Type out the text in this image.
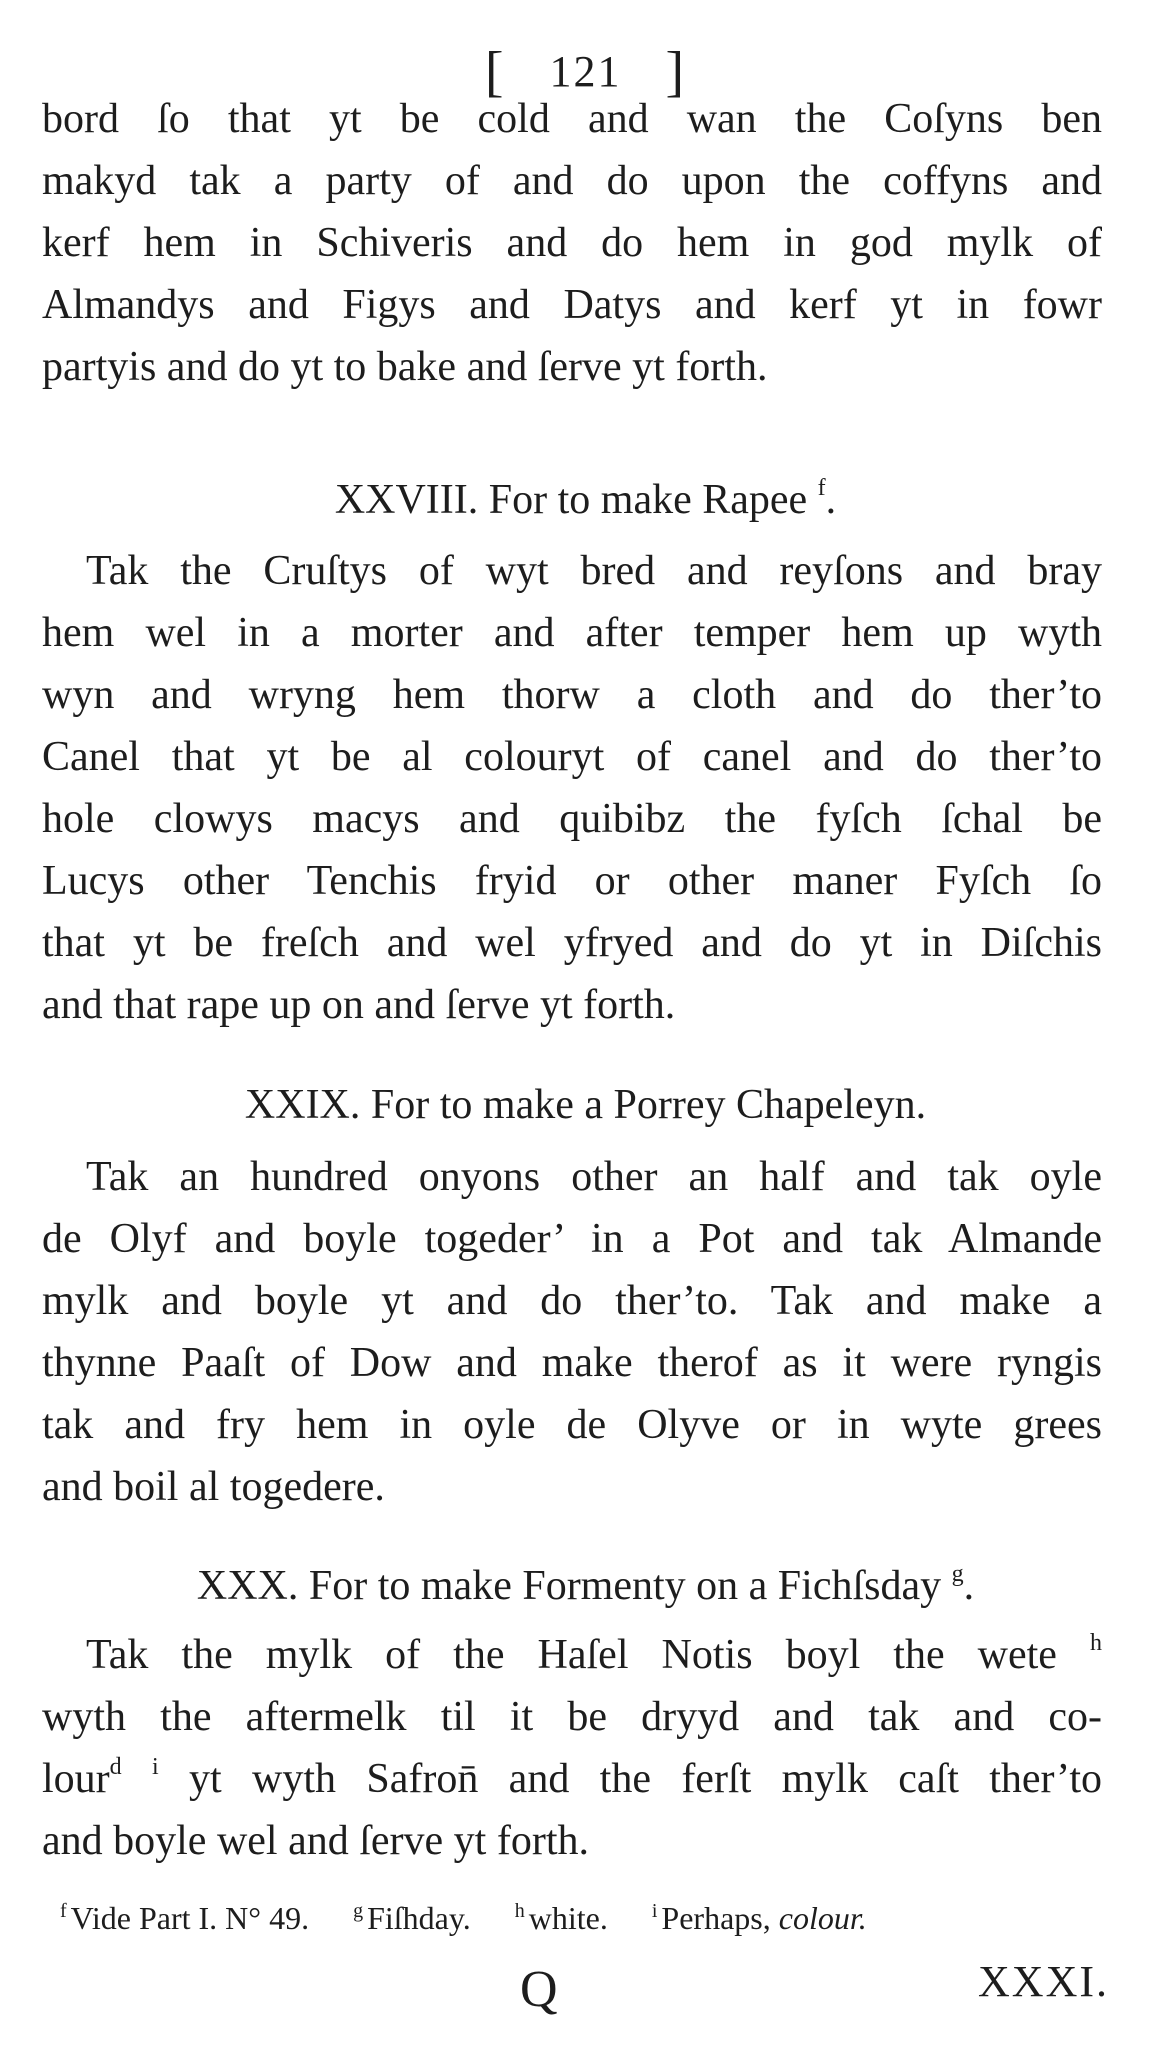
[ 121 ]
bord ſo that yt be cold and wan the Coſyns ben
makyd tak a party of and do upon the coffyns and
kerf hem in Schiveris and do hem in god mylk of
Almandys and Figys and Datys and kerf yt in fowr
partyis and do yt to bake and ſerve yt forth.
XXVIII. For to make Rapee $^f$.
Tak the Cruſtys of wyt bred and reyſons and bray
hem wel in a morter and after temper hem up wyth
wyn and wryng hem thorw a cloth and do ther’to
Canel that yt be al colouryt of canel and do ther’to
hole clowys macys and quibibz the fyſch ſchal be
Lucys other Tenchis fryid or other maner Fyſch ſo
that yt be freſch and wel yfryed and do yt in Diſchis
and that rape up on and ſerve yt forth.
XXIX. For to make a Porrey Chapeleyn.
Tak an hundred onyons other an half and tak oyle
de Olyf and boyle togeder’ in a Pot and tak Almande
mylk and boyle yt and do ther’to. Tak and make a
thynne Paaſt of Dow and make therof as it were ryngis
tak and fry hem in oyle de Olyve or in wyte grees
and boil al togedere.
XXX. For to make Formenty on a Fichſsday $^g$.
Tak the mylk of the Haſel Notis boyl the wete $^h$
wyth the aftermelk til it be dryyd and tak and co-
lour$^d$ $^i$ yt wyth Safron̄ and the ferſt mylk caſt ther’to
and boyle wel and ſerve yt forth.
$^f$ Vide Part I. N° 49. $^g$ Fiſhday. $^h$ white. $^i$ Perhaps, colour.
Q	XXXI.
